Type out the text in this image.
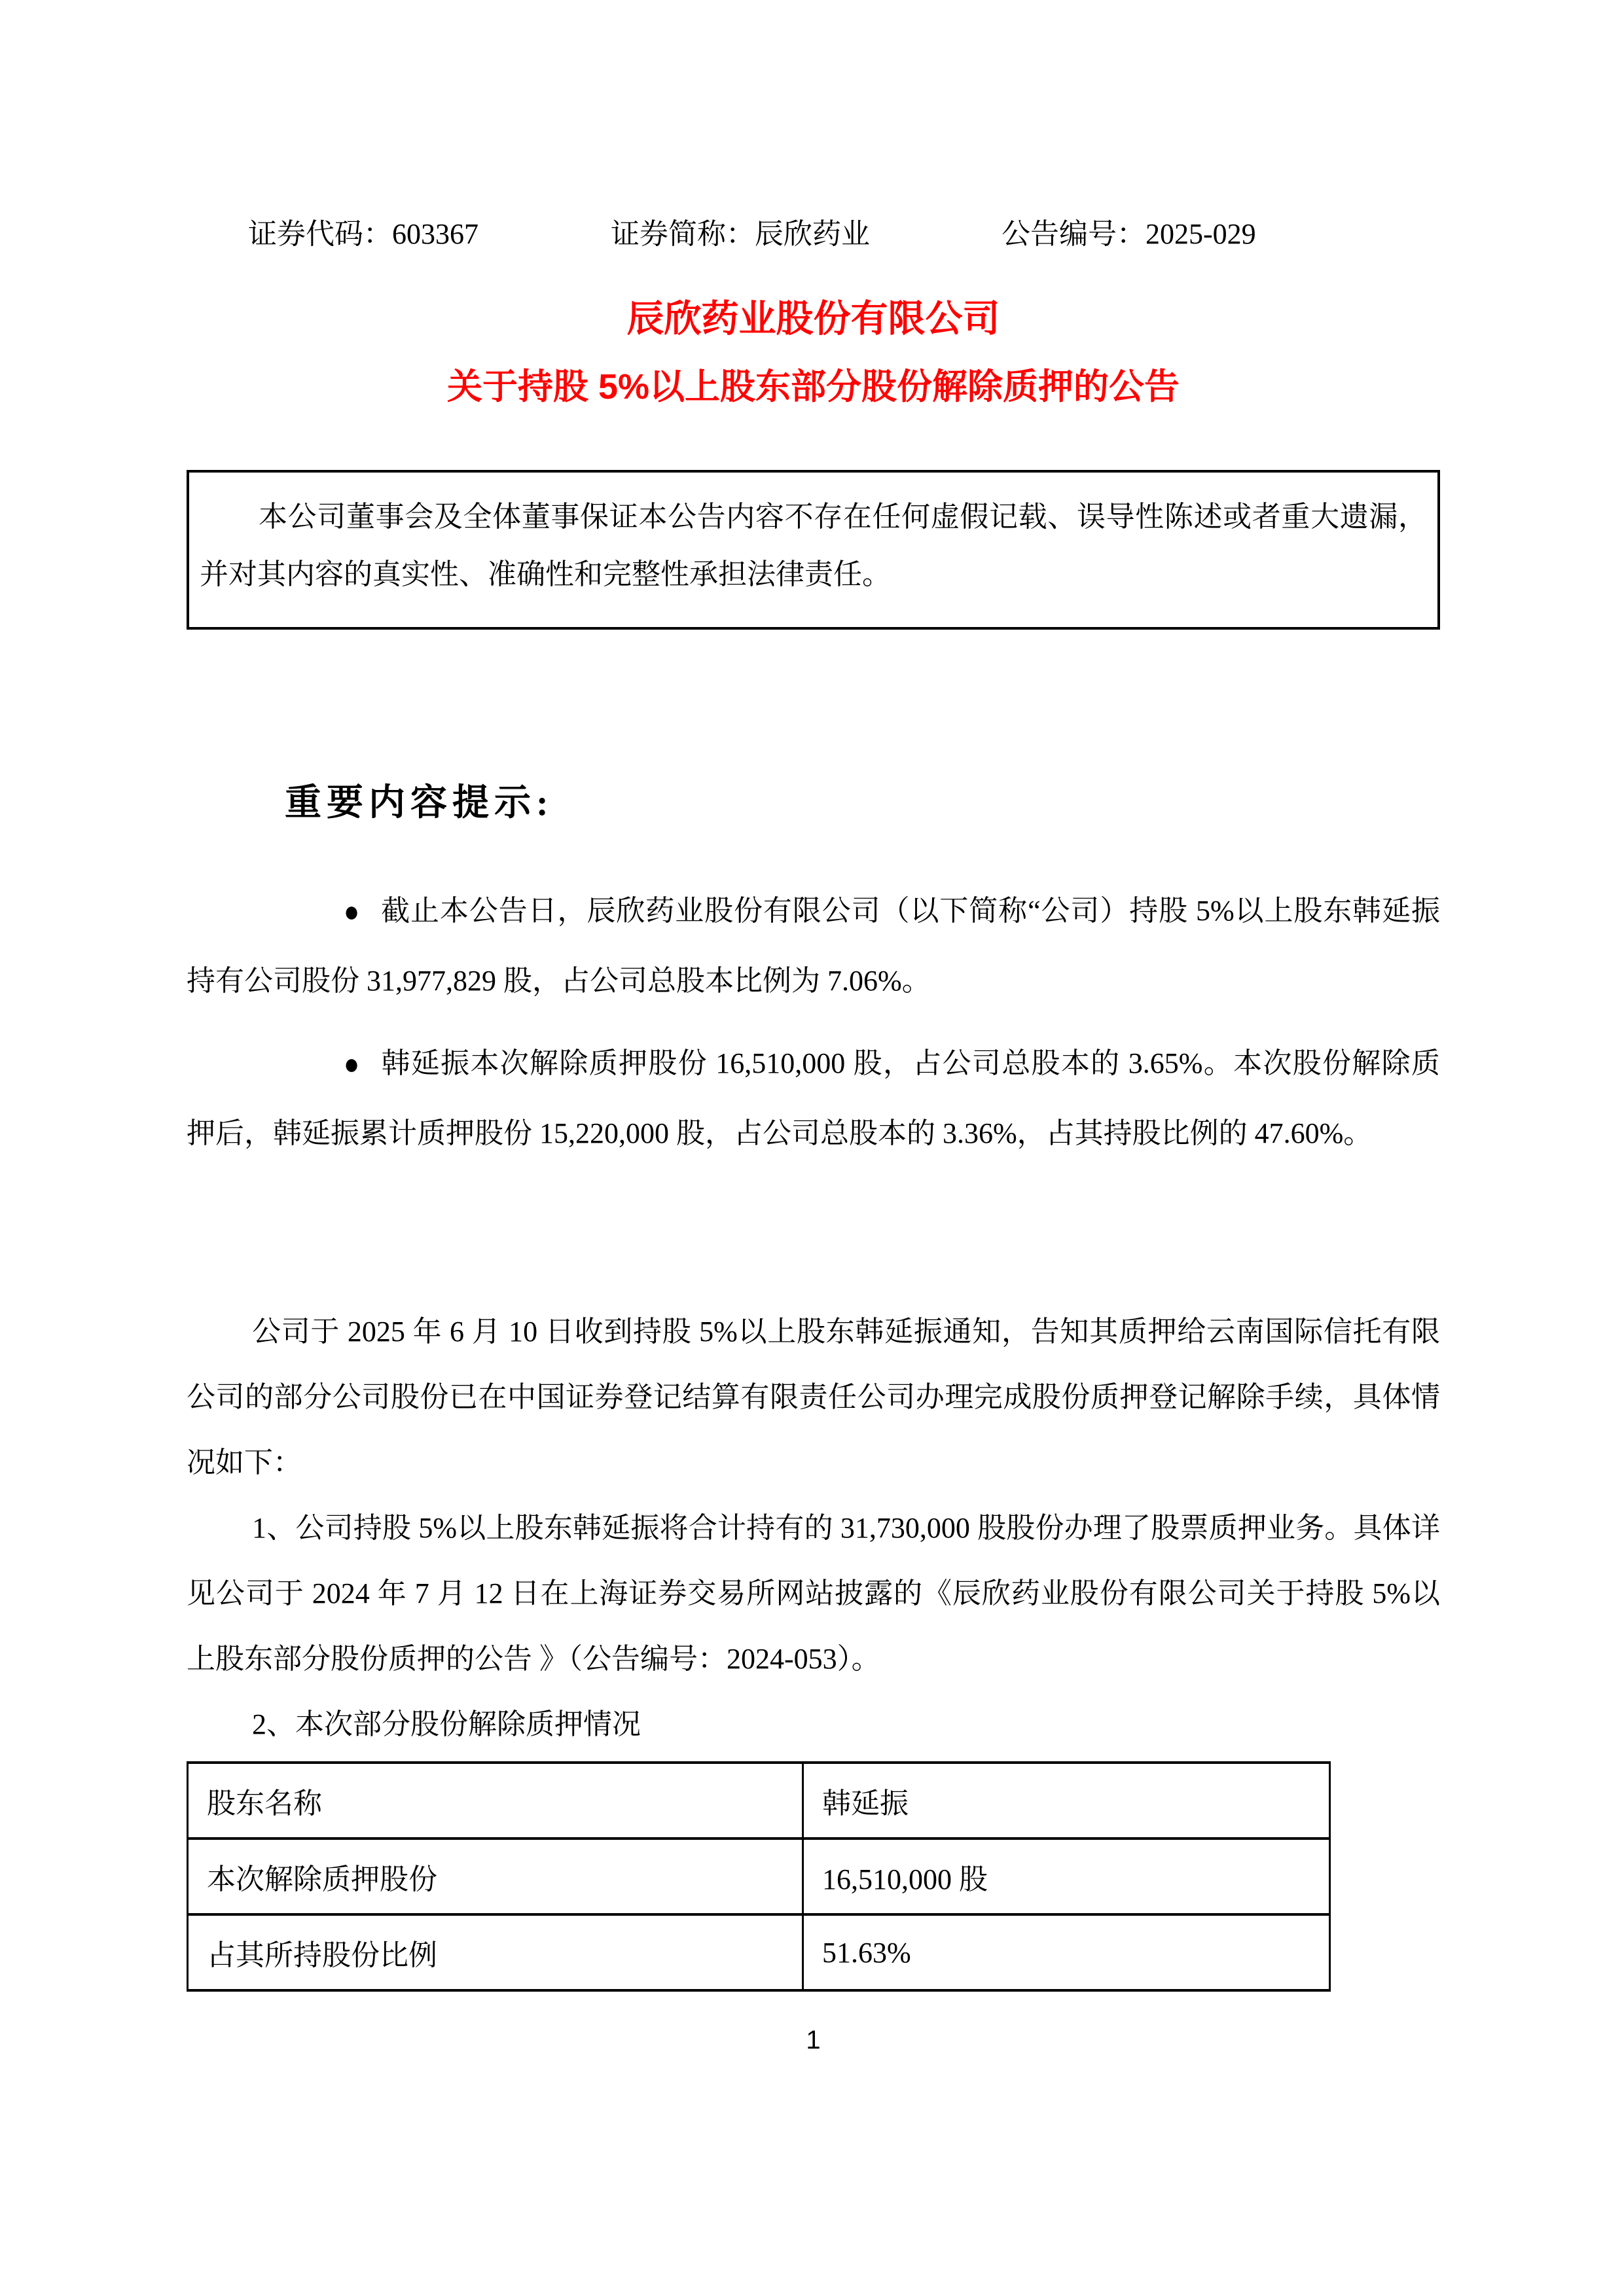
证券代码：603367	证券简称：辰欣药业	公告编号：2025-029
辰欣药业股份有限公司
关于持股 5%以上股东部分股份解除质押的公告

本公司董事会及全体董事保证本公告内容不存在任何虚假记载、误导性陈述或者重大遗漏，并对其内容的真实性、准确性和完整性承担法律责任。

重要内容提示:

● 截止本公告日，辰欣药业股份有限公司（以下简称“公司）持股 5%以上股东韩延振持有公司股份 31,977,829 股，占公司总股本比例为 7.06%。

● 韩延振本次解除质押股份 16,510,000 股，占公司总股本的 3.65%。本次股份解除质押后，韩延振累计质押股份 15,220,000 股，占公司总股本的 3.36%，占其持股比例的 47.60%。

公司于 2025 年 6 月 10 日收到持股 5%以上股东韩延振通知，告知其质押给云南国际信托有限公司的部分公司股份已在中国证券登记结算有限责任公司办理完成股份质押登记解除手续，具体情况如下：

1、公司持股 5%以上股东韩延振将合计持有的 31,730,000 股股份办理了股票质押业务。具体详见公司于 2024 年 7 月 12 日在上海证券交易所网站披露的《辰欣药业股份有限公司关于持股 5%以上股东部分股份质押的公告 》（公告编号：2024-053）。

2、本次部分股份解除质押情况

股东名称	韩延振
本次解除质押股份	16,510,000 股
占其所持股份比例	51.63%
1
